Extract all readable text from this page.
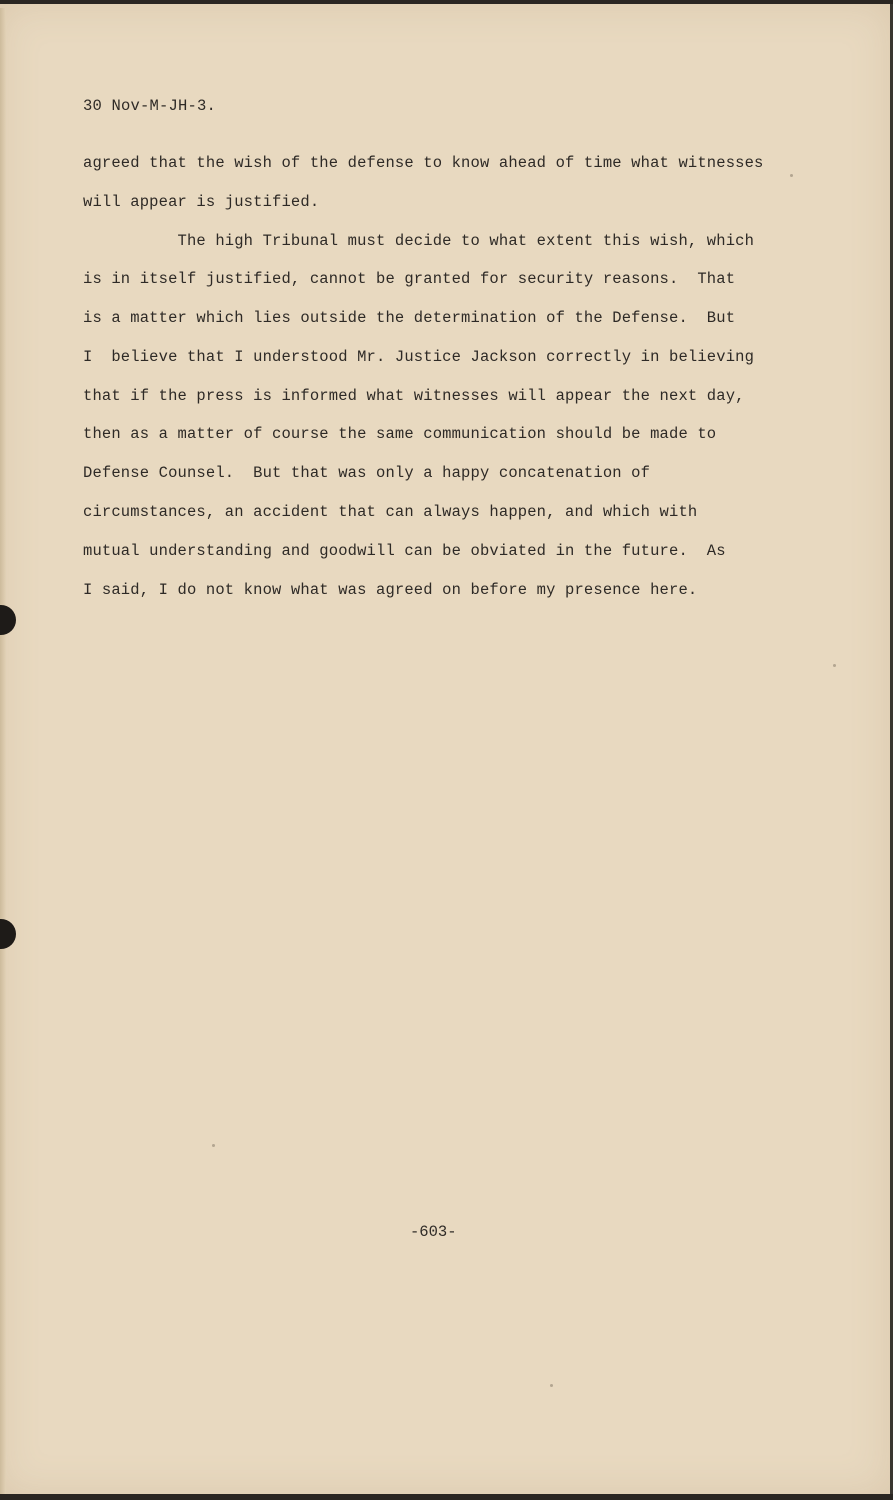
30 Nov-M-JH-3.
agreed that the wish of the defense to know ahead of time what witnesses
will appear is justified.
The high Tribunal must decide to what extent this wish, which
is in itself justified, cannot be granted for security reasons.  That
is a matter which lies outside the determination of the Defense.  But
I  believe that I understood Mr. Justice Jackson correctly in believing
that if the press is informed what witnesses will appear the next day,
then as a matter of course the same communication should be made to
Defense Counsel.  But that was only a happy concatenation of
circumstances, an accident that can always happen, and which with
mutual understanding and goodwill can be obviated in the future.  As
I said, I do not know what was agreed on before my presence here.
-603-
